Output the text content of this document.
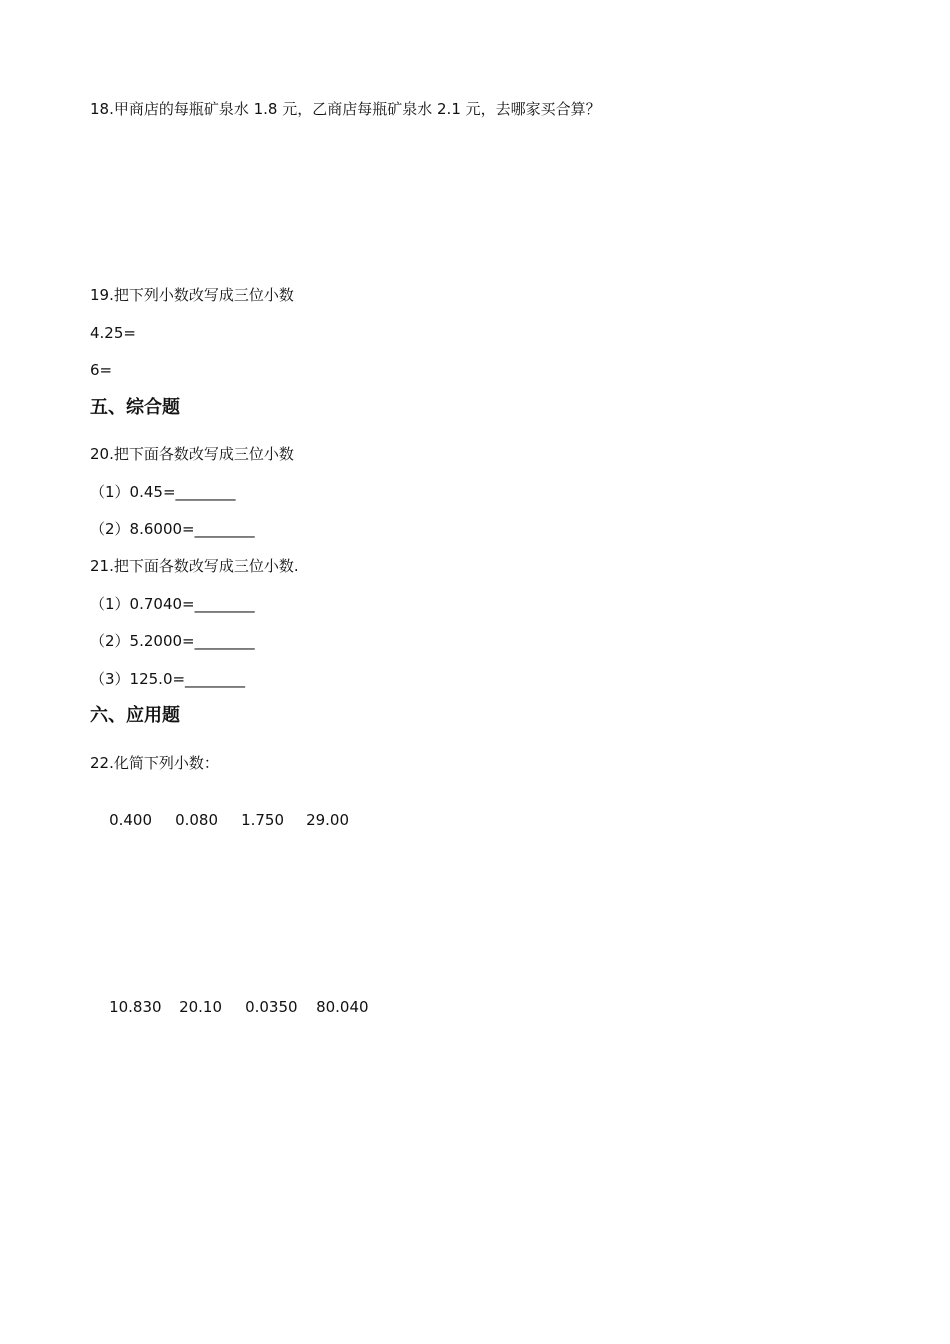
18.甲商店的每瓶矿泉水 1.8 元，乙商店每瓶矿泉水 2.1 元，去哪家买合算？
19.把下列小数改写成三位小数
4.25=
6=
五、综合题
20.把下面各数改写成三位小数
（1）0.45=________
（2）8.6000=________
21.把下面各数改写成三位小数.
（1）0.7040=________
（2）5.2000=________
（3）125.0=________
六、应用题
22.化简下列小数：

0.400 0.080 1.750 29.00

10.830 20.10 0.0350 80.040
